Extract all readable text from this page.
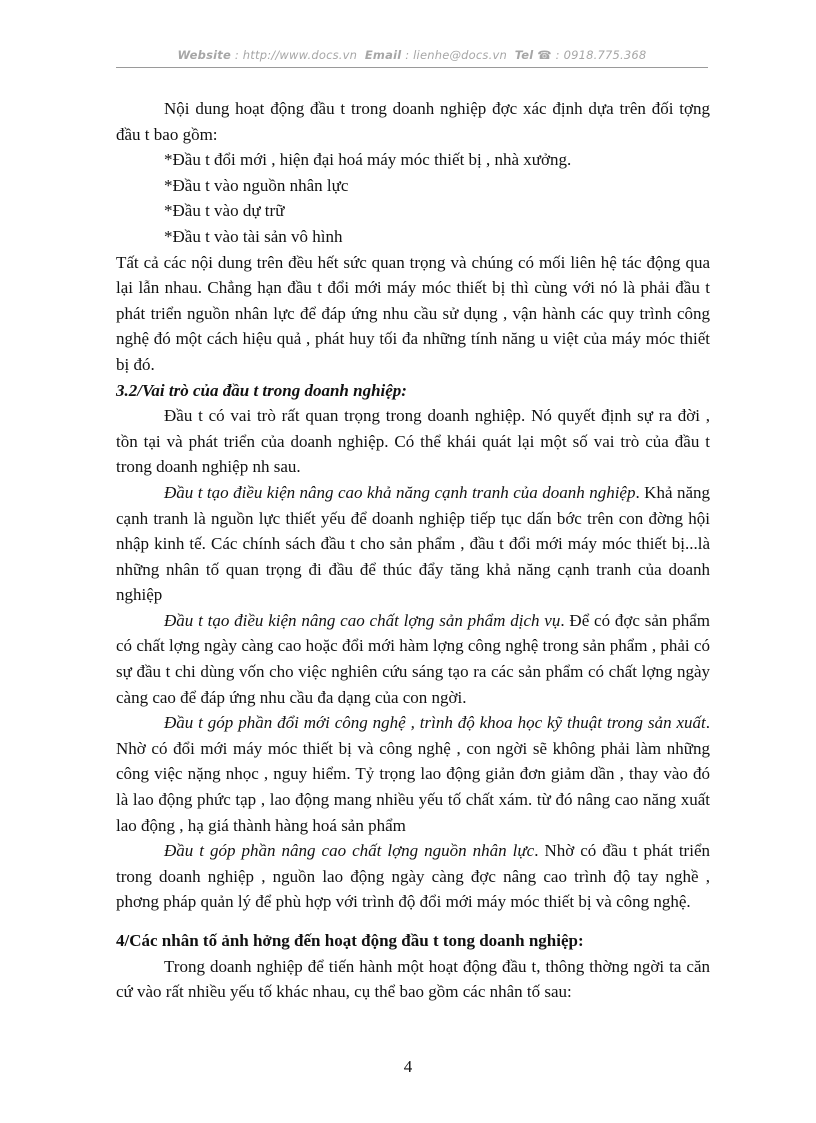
Website : http://www.docs.vn Email : lienhe@docs.vn Tel ☎ : 0918.775.368

Nội dung hoạt động đầu t trong doanh nghiệp đợc xác định dựa trên đối tợng đầu t bao gồm:

*Đầu t đổi mới , hiện đại hoá máy móc thiết bị , nhà xưởng.

*Đầu t vào nguồn nhân lực

*Đầu t vào dự trữ

*Đầu t vào tài sản vô hình

Tất cả các nội dung trên đều hết sức quan trọng và chúng có mối liên hệ tác động qua lại lẫn nhau. Chẳng hạn đầu t đổi mới máy móc thiết bị thì cùng với nó là phải đầu t phát triển nguồn nhân lực để đáp ứng nhu cầu sử dụng , vận hành các quy trình công nghệ đó một cách hiệu quả , phát huy tối đa những tính năng u việt của máy móc thiết bị đó.

3.2/Vai trò của đầu t trong doanh nghiệp:

Đầu t có vai trò rất quan trọng trong doanh nghiệp. Nó quyết định sự ra đời , tồn tại và phát triển của doanh nghiệp. Có thể khái quát lại một số vai trò của đầu t trong doanh nghiệp nh sau.

Đầu t tạo điều kiện nâng cao khả năng cạnh tranh của doanh nghiệp. Khả năng cạnh tranh là nguồn lực thiết yếu để doanh nghiệp tiếp tục dấn bớc trên con đờng hội nhập kinh tế. Các chính sách đầu t cho sản phẩm , đầu t đổi mới máy móc thiết bị...là những nhân tố quan trọng đi đầu để thúc đẩy tăng khả năng cạnh tranh của doanh nghiệp

Đầu t tạo điều kiện nâng cao chất lợng sản phẩm dịch vụ. Để có đợc sản phẩm có chất lợng ngày càng cao hoặc đổi mới hàm lợng công nghệ trong sản phẩm , phải có sự đầu t chi dùng vốn cho việc nghiên cứu sáng tạo ra các sản phẩm có chất lợng ngày càng cao để đáp ứng nhu cầu đa dạng của con ngời.

Đầu t góp phần đổi mới công nghệ , trình độ khoa học kỹ thuật trong sản xuất. Nhờ có đổi mới máy móc thiết bị và công nghệ , con ngời sẽ không phải làm những công việc nặng nhọc , nguy hiểm. Tỷ trọng lao động giản đơn giảm dần , thay vào đó là lao động phức tạp , lao động mang nhiều yếu tố chất xám. từ đó nâng cao năng xuất lao động , hạ giá thành hàng hoá sản phẩm

Đầu t góp phần nâng cao chất lợng nguồn nhân lực. Nhờ có đầu t phát triển trong doanh nghiệp , nguồn lao động ngày càng đợc nâng cao trình độ tay nghề , phơng pháp quản lý để phù hợp với trình độ đổi mới máy móc thiết bị và công nghệ.

4/Các nhân tố ảnh hởng đến hoạt động đầu t tong doanh nghiệp:

Trong doanh nghiệp để tiến hành một hoạt động đầu t, thông thờng ngời ta căn cứ vào rất nhiều yếu tố khác nhau, cụ thể bao gồm các nhân tố sau:

4
